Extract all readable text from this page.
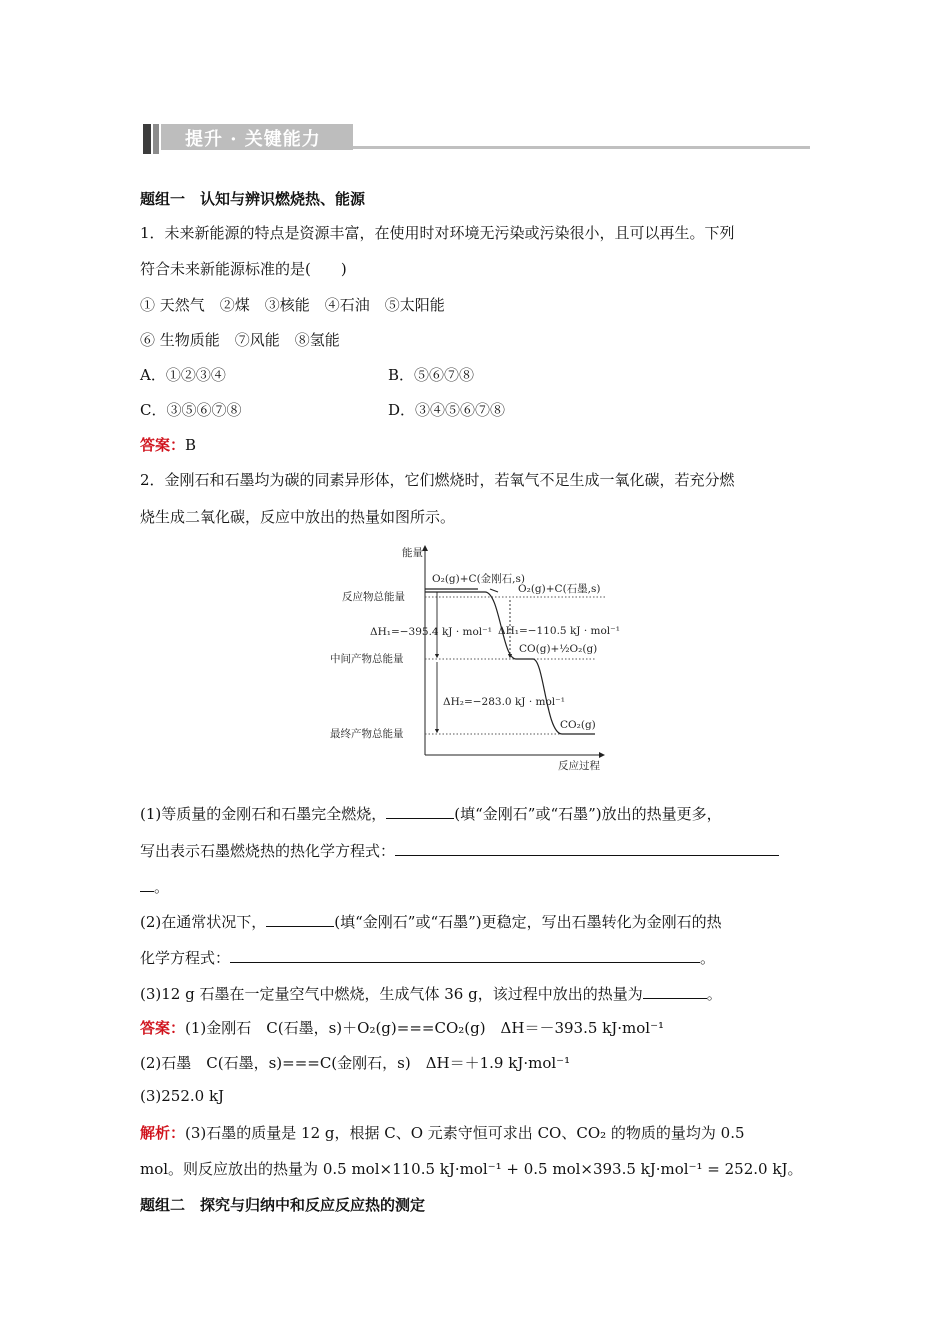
提升 · 关键能力
题组一　认知与辨识燃烧热、能源
1．未来新能源的特点是资源丰富，在使用时对环境无污染或污染很小，且可以再生。下列
符合未来新能源标准的是(　　)
① 天然气　②煤　③核能　④石油　⑤太阳能
⑥ 生物质能　⑦风能　⑧氢能
A．①②③④	B．⑤⑥⑦⑧
C．③⑤⑥⑦⑧	D．③④⑤⑥⑦⑧
答案：B
2．金刚石和石墨均为碳的同素异形体，它们燃烧时，若氧气不足生成一氧化碳，若充分燃
烧生成二氧化碳，反应中放出的热量如图所示。
能量
反应过程
反应物总能量
中间产物总能量
最终产物总能量
O₂(g)+C(金刚石,s)
O₂(g)+C(石墨,s)
ΔH₁=−395.4 kJ · mol⁻¹ ΔH₁=−110.5 kJ · mol⁻¹
CO(g)+½O₂(g)
ΔH₂=−283.0 kJ · mol⁻¹
CO₂(g)
(1)等质量的金刚石和石墨完全燃烧，	(填“金刚石”或“石墨”)放出的热量更多，
写出表示石墨燃烧热的热化学方程式：
。
(2)在通常状况下，	(填“金刚石”或“石墨”)更稳定，写出石墨转化为金刚石的热
化学方程式：	。
(3)12 g 石墨在一定量空气中燃烧，生成气体 36 g，该过程中放出的热量为	。
答案：(1)金刚石　C(石墨，s)＋O₂(g)===CO₂(g)　ΔH＝－393.5 kJ·mol⁻¹
(2)石墨　C(石墨，s)===C(金刚石，s)　ΔH＝＋1.9 kJ·mol⁻¹
(3)252.0 kJ
解析：(3)石墨的质量是 12 g，根据 C、O 元素守恒可求出 CO、CO₂ 的物质的量均为 0.5
mol。则反应放出的热量为 0.5 mol×110.5 kJ·mol⁻¹ + 0.5 mol×393.5 kJ·mol⁻¹ = 252.0 kJ。
题组二　探究与归纳中和反应反应热的测定
